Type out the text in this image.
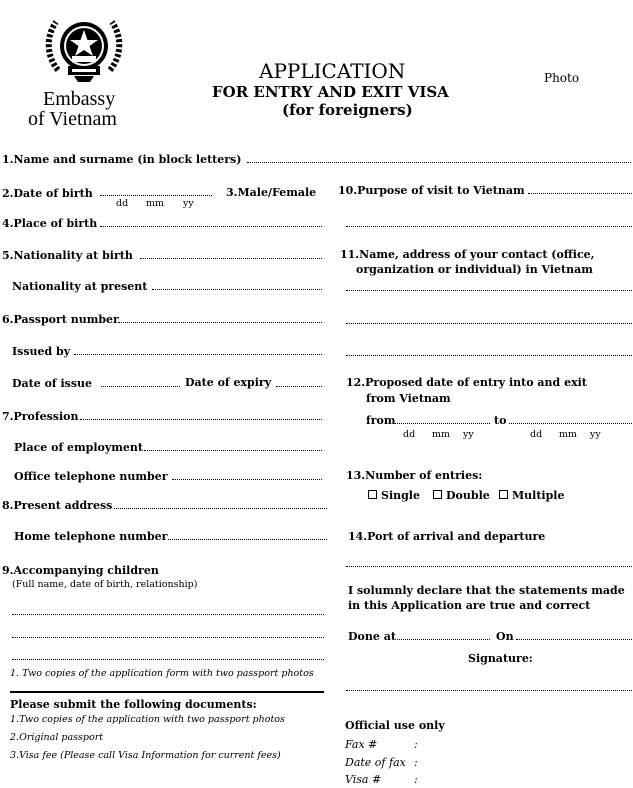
Embassy
of Vietnam
APPLICATION
FOR ENTRY AND EXIT VISA
(for foreigners)
Photo
1.Name and surname (in block letters)
2.Date of birth
dd mm yy
3.Male/Female
4.Place of birth
5.Nationality at birth
Nationality at present
6.Passport number
Issued by
Date of issue	Date of expiry
7.Profession
Place of employment
Office telephone number
8.Present address
Home telephone number
9.Accompanying children
(Full name, date of birth, relationship)
1. Two copies of the application form with two passport photos
Please submit the following documents:
1.Two copies of the application with two passport photos
2.Original passport
3.Visa fee (Please call Visa Information for current fees)
10.Purpose of visit to Vietnam
11.Name, address of your contact (office,
organization or individual) in Vietnam
12.Proposed date of entry into and exit
from Vietnam
from	to
dd mm yy	dd mm yy
13.Number of entries:
Single Double Multiple
14.Port of arrival and departure
I solumnly declare that the statements made
in this Application are true and correct
Done at	On
Signature:
Official use only
Fax #	:
Date of fax :
Visa #	:
